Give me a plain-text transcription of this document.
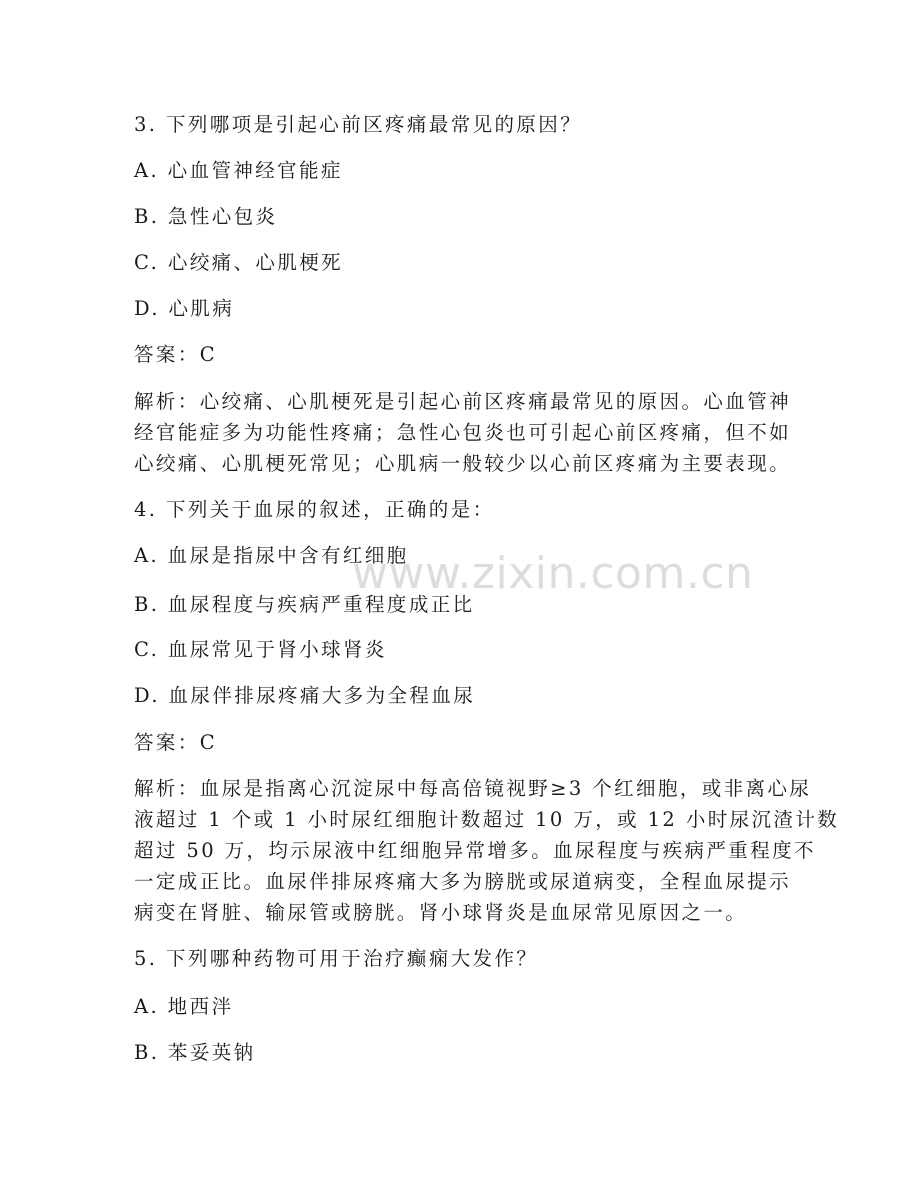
www.zixin.com.cn
3. 下列哪项是引起心前区疼痛最常见的原因？
A. 心血管神经官能症
B. 急性心包炎
C. 心绞痛、心肌梗死
D. 心肌病
答案：C
解析：心绞痛、心肌梗死是引起心前区疼痛最常见的原因。心血管神
经官能症多为功能性疼痛；急性心包炎也可引起心前区疼痛，但不如
心绞痛、心肌梗死常见；心肌病一般较少以心前区疼痛为主要表现。
4. 下列关于血尿的叙述，正确的是：
A. 血尿是指尿中含有红细胞
B. 血尿程度与疾病严重程度成正比
C. 血尿常见于肾小球肾炎
D. 血尿伴排尿疼痛大多为全程血尿
答案：C
解析：血尿是指离心沉淀尿中每高倍镜视野≥3 个红细胞，或非离心尿
液超过 1 个或 1 小时尿红细胞计数超过 10 万，或 12 小时尿沉渣计数
超过 50 万，均示尿液中红细胞异常增多。血尿程度与疾病严重程度不
一定成正比。血尿伴排尿疼痛大多为膀胱或尿道病变，全程血尿提示
病变在肾脏、输尿管或膀胱。肾小球肾炎是血尿常见原因之一。
5. 下列哪种药物可用于治疗癫痫大发作？
A. 地西泮
B. 苯妥英钠
